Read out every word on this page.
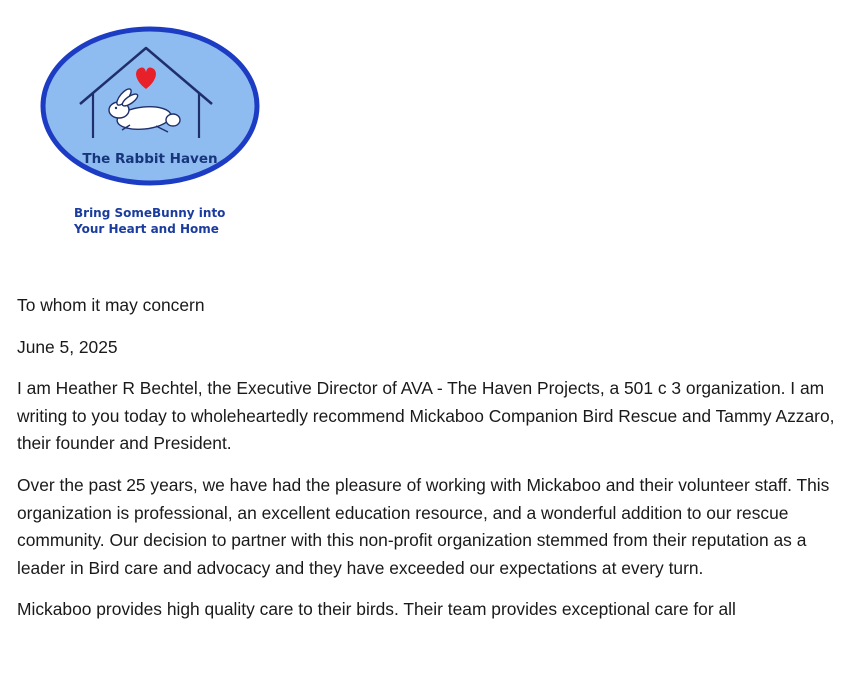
The Rabbit Haven
Bring SomeBunny into
Your Heart and Home

To whom it may concern

June 5, 2025

I am Heather R Bechtel, the Executive Director of AVA - The Haven Projects, a 501 c 3 organization. I am writing to you today to wholeheartedly recommend Mickaboo Companion Bird Rescue and Tammy Azzaro, their founder and President.

Over the past 25 years, we have had the pleasure of working with Mickaboo and their volunteer staff. This organization is professional, an excellent education resource, and a wonderful addition to our rescue community. Our decision to partner with this non-profit organization stemmed from their reputation as a leader in Bird care and advocacy and they have exceeded our expectations at every turn.

Mickaboo provides high quality care to their birds. Their team provides exceptional care for all
